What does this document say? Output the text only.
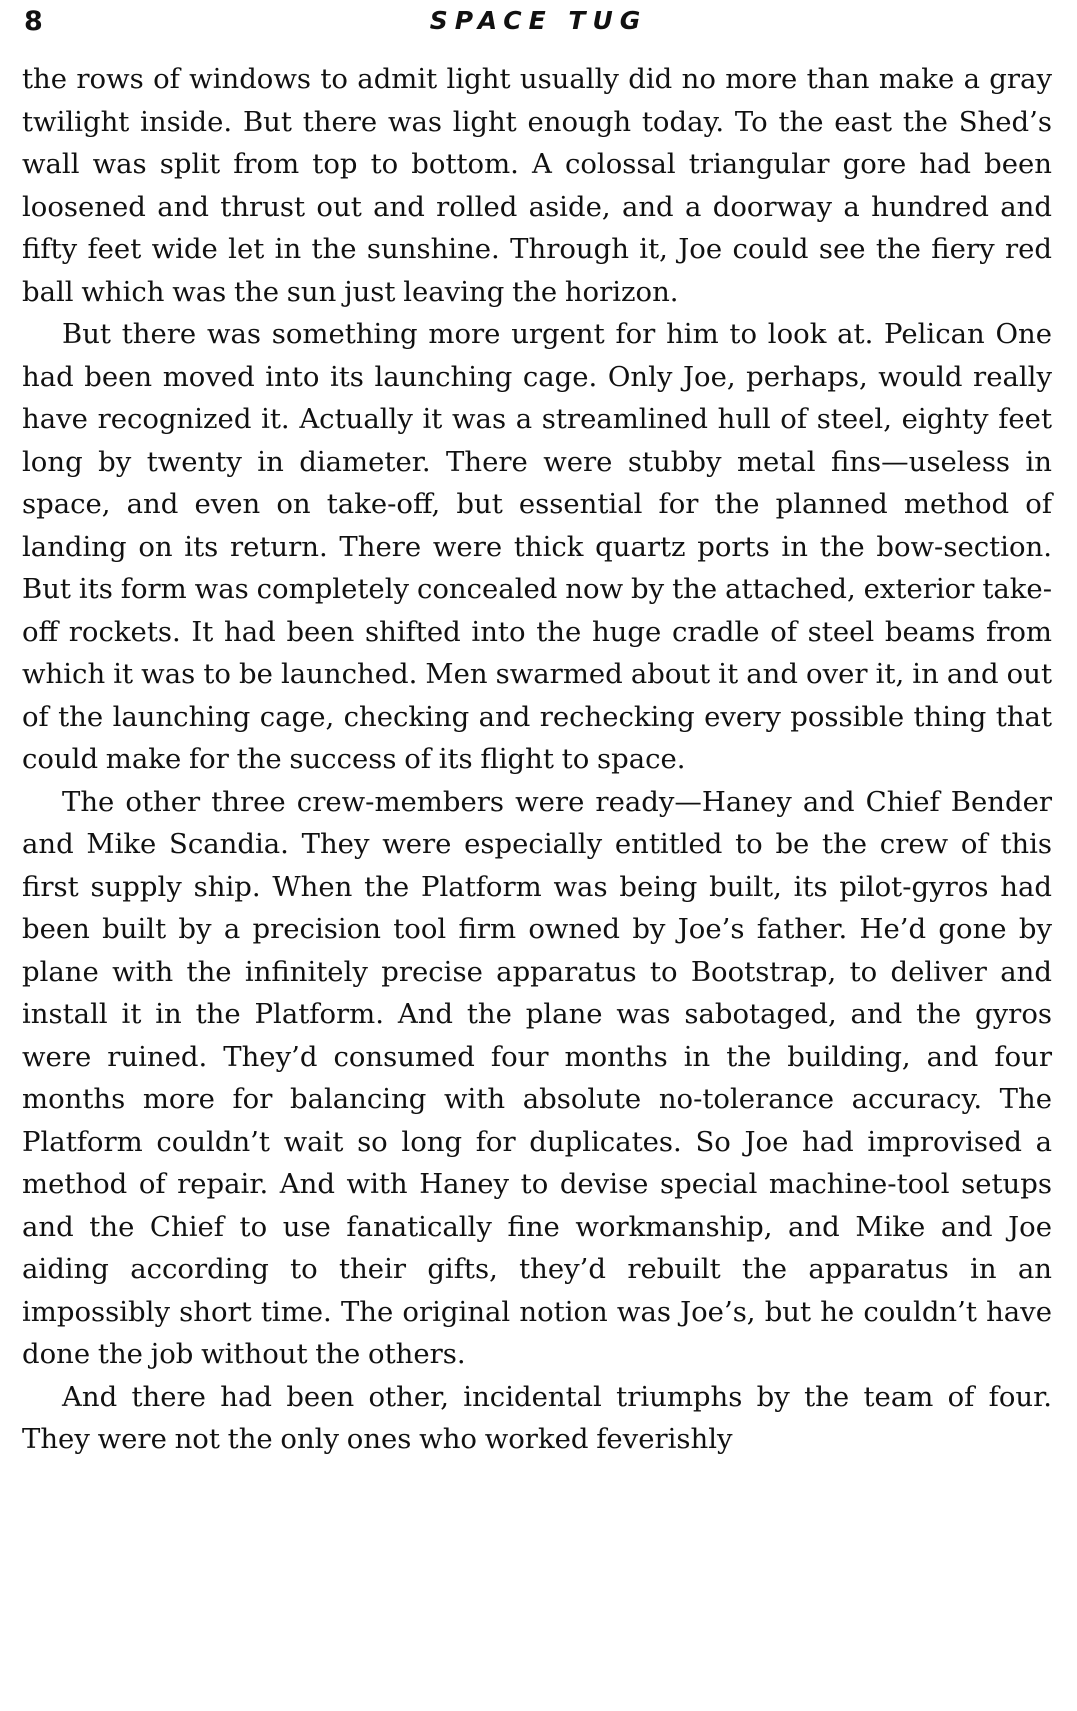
8	SPACE TUG

the rows of windows to admit light usually did no more than make a gray twilight inside. But there was light enough today. To the east the Shed’s wall was split from top to bottom. A colossal triangular gore had been loosened and thrust out and rolled aside, and a doorway a hundred and fifty feet wide let in the sunshine. Through it, Joe could see the fiery red ball which was the sun just leaving the horizon.

But there was something more urgent for him to look at. Pelican One had been moved into its launching cage. Only Joe, perhaps, would really have recognized it. Actually it was a streamlined hull of steel, eighty feet long by twenty in diameter. There were stubby metal fins—useless in space, and even on take-off, but essential for the planned method of landing on its return. There were thick quartz ports in the bow-section. But its form was completely concealed now by the attached, exterior take-off rockets. It had been shifted into the huge cradle of steel beams from which it was to be launched. Men swarmed about it and over it, in and out of the launching cage, checking and rechecking every possible thing that could make for the success of its flight to space.

The other three crew-members were ready—Haney and Chief Bender and Mike Scandia. They were especially entitled to be the crew of this first supply ship. When the Platform was being built, its pilot-gyros had been built by a precision tool firm owned by Joe’s father. He’d gone by plane with the infinitely precise apparatus to Bootstrap, to deliver and install it in the Platform. And the plane was sabotaged, and the gyros were ruined. They’d consumed four months in the building, and four months more for balancing with absolute no-tolerance accuracy. The Platform couldn’t wait so long for duplicates. So Joe had improvised a method of repair. And with Haney to devise special machine-tool setups and the Chief to use fanatically fine workmanship, and Mike and Joe aiding according to their gifts, they’d rebuilt the apparatus in an impossibly short time. The original notion was Joe’s, but he couldn’t have done the job without the others.

And there had been other, incidental triumphs by the team of four. They were not the only ones who worked feverishly
